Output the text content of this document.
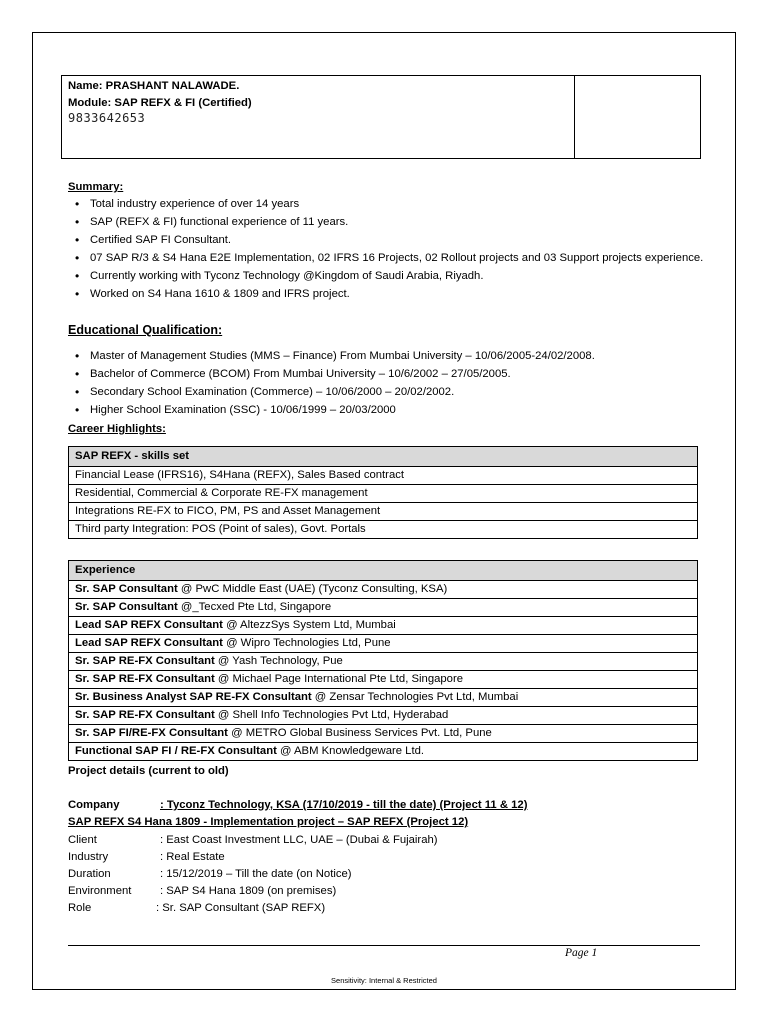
Name: PRASHANT NALAWADE.
Module: SAP REFX & FI (Certified)
9833642653
Summary:
• Total industry experience of over 14 years
• SAP (REFX & FI) functional experience of 11 years.
• Certified SAP FI Consultant.
• 07 SAP R/3 & S4 Hana E2E Implementation, 02 IFRS 16 Projects, 02 Rollout projects and 03 Support projects experience.
• Currently working with Tyconz Technology @Kingdom of Saudi Arabia, Riyadh.
• Worked on S4 Hana 1610 & 1809 and IFRS project.
Educational Qualification:
• Master of Management Studies (MMS – Finance) From Mumbai University – 10/06/2005-24/02/2008.
• Bachelor of Commerce (BCOM) From Mumbai University – 10/6/2002 – 27/05/2005.
• Secondary School Examination (Commerce) – 10/06/2000 – 20/02/2002.
• Higher School Examination (SSC) - 10/06/1999 – 20/03/2000
Career Highlights:
SAP REFX - skills set
Financial Lease (IFRS16), S4Hana (REFX), Sales Based contract
Residential, Commercial & Corporate RE-FX management
Integrations RE-FX to FICO, PM, PS and Asset Management
Third party Integration: POS (Point of sales), Govt. Portals
Experience
Sr. SAP Consultant @ PwC Middle East (UAE) (Tyconz Consulting, KSA)
Sr. SAP Consultant @_Tecxed Pte Ltd, Singapore
Lead SAP REFX Consultant @ AltezzSys System Ltd, Mumbai
Lead SAP REFX Consultant @ Wipro Technologies Ltd, Pune
Sr. SAP RE-FX Consultant @ Yash Technology, Pue
Sr. SAP RE-FX Consultant @ Michael Page International Pte Ltd, Singapore
Sr. Business Analyst SAP RE-FX Consultant @ Zensar Technologies Pvt Ltd, Mumbai
Sr. SAP RE-FX Consultant @ Shell Info Technologies Pvt Ltd, Hyderabad
Sr. SAP FI/RE-FX Consultant @ METRO Global Business Services Pvt. Ltd, Pune
Functional SAP FI / RE-FX Consultant @ ABM Knowledgeware Ltd.
Project details (current to old)
Company	: Tyconz Technology, KSA (17/10/2019 - till the date) (Project 11 & 12)
SAP REFX S4 Hana 1809 - Implementation project – SAP REFX (Project 12)
Client	: East Coast Investment LLC, UAE – (Dubai & Fujairah)
Industry	: Real Estate
Duration	: 15/12/2019 – Till the date (on Notice)
Environment	: SAP S4 Hana 1809 (on premises)
Role	: Sr. SAP Consultant (SAP REFX)
Page 1
Sensitivity: Internal & Restricted
